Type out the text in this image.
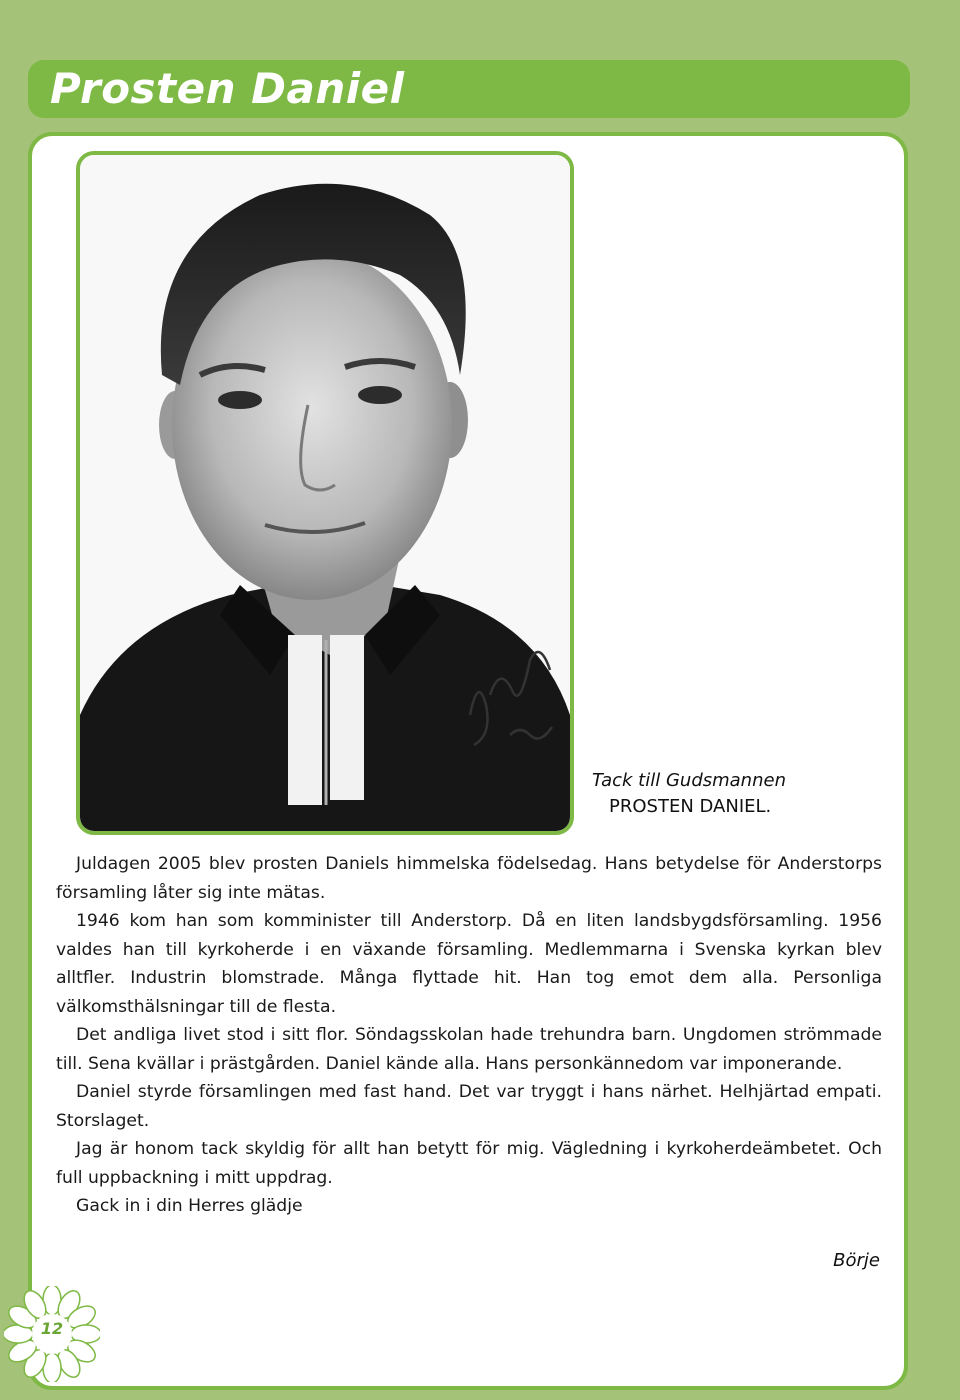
Prosten Daniel
Tack till Gudsmannen
PROSTEN DANIEL.

Juldagen 2005 blev prosten Daniels himmelska födelsedag. Hans betydelse för Anderstorps församling låter sig inte mätas.

1946 kom han som komminister till Anderstorp. Då en liten landsbygdsförsamling. 1956 valdes han till kyrkoherde i en växande församling. Medlemmarna i Svenska kyrkan blev alltfler. Industrin blomstrade. Många flyttade hit. Han tog emot dem alla. Personliga välkomsthälsningar till de flesta.

Det andliga livet stod i sitt flor. Söndagsskolan hade trehundra barn. Ungdomen strömmade till. Sena kvällar i prästgården. Daniel kände alla. Hans personkännedom var imponerande.

Daniel styrde församlingen med fast hand. Det var tryggt i hans närhet. Helhjärtad empati. Storslaget.

Jag är honom tack skyldig för allt han betytt för mig. Vägledning i kyrkoherdeämbetet. Och full uppbackning i mitt uppdrag.

Gack in i din Herres glädje

Börje
12
